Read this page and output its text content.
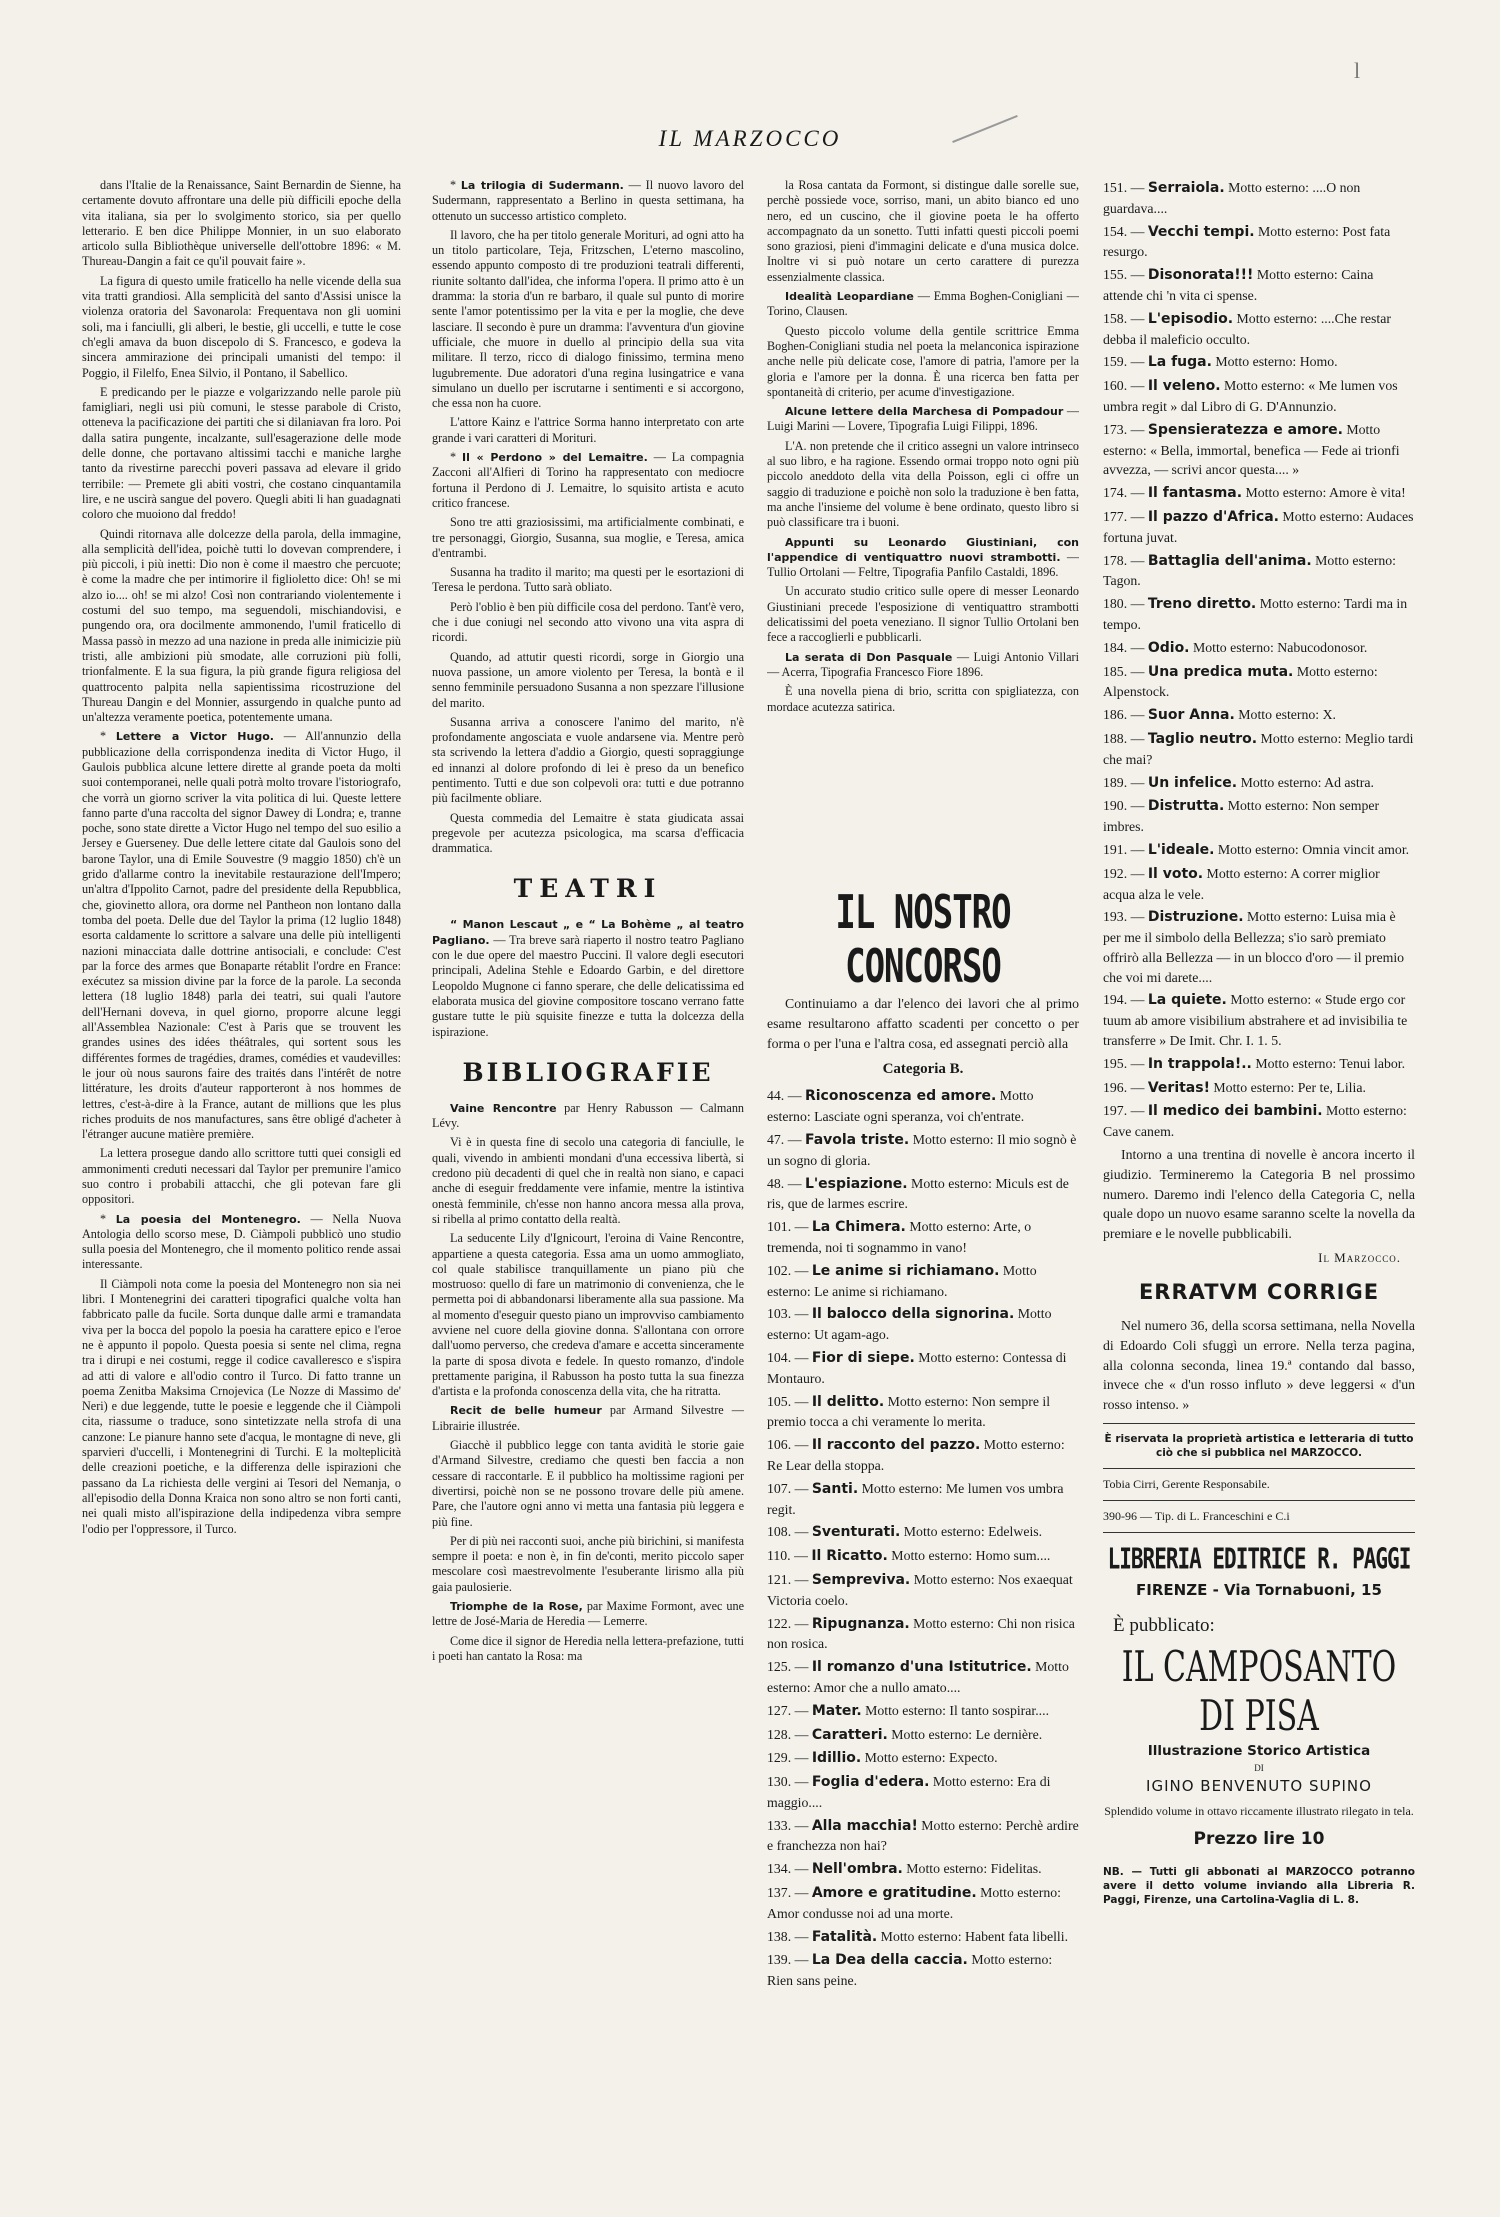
l
IL MARZOCCO

dans l'Italie de la Renaissance, Saint Bernardin de Sienne, ha certamente dovuto affrontare una delle più difficili epoche della vita italiana, sia per lo svolgimento storico, sia per quello letterario. E ben dice Philippe Monnier, in un suo elaborato articolo sulla Bibliothèque universelle dell'ottobre 1896: « M. Thureau-Dangin a fait ce qu'il pouvait faire ».

La figura di questo umile fraticello ha nelle vicende della sua vita tratti grandiosi. Alla semplicità del santo d'Assisi unisce la violenza oratoria del Savonarola: Frequentava non gli uomini soli, ma i fanciulli, gli alberi, le bestie, gli uccelli, e tutte le cose ch'egli amava da buon discepolo di S. Francesco, e godeva la sincera ammirazione dei principali umanisti del tempo: il Poggio, il Filelfo, Enea Silvio, il Pontano, il Sabellico.

E predicando per le piazze e volgarizzando nelle parole più famigliari, negli usi più comuni, le stesse parabole di Cristo, otteneva la pacificazione dei partiti che si dilaniavan fra loro. Poi dalla satira pungente, incalzante, sull'esagerazione delle mode delle donne, che portavano altissimi tacchi e maniche larghe tanto da rivestirne parecchi poveri passava ad elevare il grido terribile: — Premete gli abiti vostri, che costano cinquantamila lire, e ne uscirà sangue del povero. Quegli abiti li han guadagnati coloro che muoiono dal freddo!

Quindi ritornava alle dolcezze della parola, della immagine, alla semplicità dell'idea, poichè tutti lo dovevan comprendere, i più piccoli, i più inetti: Dio non è come il maestro che percuote; è come la madre che per intimorire il figlioletto dice: Oh! se mi alzo io.... oh! se mi alzo! Così non contrariando violentemente i costumi del suo tempo, ma seguendoli, mischiandovisi, e pungendo ora, ora docilmente ammonendo, l'umil fraticello di Massa passò in mezzo ad una nazione in preda alle inimicizie più tristi, alle ambizioni più smodate, alle corruzioni più folli, trionfalmente. E la sua figura, la più grande figura religiosa del quattrocento palpita nella sapientissima ricostruzione del Thureau Dangin e del Monnier, assurgendo in qualche punto ad un'altezza veramente poetica, potentemente umana.

* Lettere a Victor Hugo. — All'annunzio della pubblicazione della corrispondenza inedita di Victor Hugo, il Gaulois pubblica alcune lettere dirette al grande poeta da molti suoi contemporanei, nelle quali potrà molto trovare l'istoriografo, che vorrà un giorno scriver la vita politica di lui. Queste lettere fanno parte d'una raccolta del signor Dawey di Londra; e, tranne poche, sono state dirette a Victor Hugo nel tempo del suo esilio a Jersey e Guerseney. Due delle lettere citate dal Gaulois sono del barone Taylor, una di Emile Souvestre (9 maggio 1850) ch'è un grido d'allarme contro la inevitabile restaurazione dell'Impero; un'altra d'Ippolito Carnot, padre del presidente della Repubblica, che, giovinetto allora, ora dorme nel Pantheon non lontano dalla tomba del poeta. Delle due del Taylor la prima (12 luglio 1848) esorta caldamente lo scrittore a salvare una delle più intelligenti nazioni minacciata dalle dottrine antisociali, e conclude: C'est par la force des armes que Bonaparte rétablit l'ordre en France: exécutez sa mission divine par la force de la parole. La seconda lettera (18 luglio 1848) parla dei teatri, sui quali l'autore dell'Hernani doveva, in quel giorno, proporre alcune leggi all'Assemblea Nazionale: C'est à Paris que se trouvent les grandes usines des idées théâtrales, qui sortent sous les différentes formes de tragédies, drames, comédies et vaudevilles: le jour où nous saurons faire des traités dans l'intérêt de notre littérature, les droits d'auteur rapporteront à nos hommes de lettres, c'est-à-dire à la France, autant de millions que les plus riches produits de nos manufactures, sans être obligé d'acheter à l'étranger aucune matière première.

La lettera prosegue dando allo scrittore tutti quei consigli ed ammonimenti creduti necessari dal Taylor per premunire l'amico suo contro i probabili attacchi, che gli potevan fare gli oppositori.

* La poesia del Montenegro. — Nella Nuova Antologia dello scorso mese, D. Ciàmpoli pubblicò uno studio sulla poesia del Montenegro, che il momento politico rende assai interessante.

Il Ciàmpoli nota come la poesia del Montenegro non sia nei libri. I Montenegrini dei caratteri tipografici qualche volta han fabbricato palle da fucile. Sorta dunque dalle armi e tramandata viva per la bocca del popolo la poesia ha carattere epico e l'eroe ne è appunto il popolo. Questa poesia si sente nel clima, regna tra i dirupi e nei costumi, regge il codice cavalleresco e s'ispira ad atti di valore e all'odio contro il Turco. Di fatto tranne un poema Zenitba Maksima Crnojevica (Le Nozze di Massimo de' Neri) e due leggende, tutte le poesie e leggende che il Ciàmpoli cita, riassume o traduce, sono sintetizzate nella strofa di una canzone: Le pianure hanno sete d'acqua, le montagne di neve, gli sparvieri d'uccelli, i Montenegrini di Turchi. E la molteplicità delle creazioni poetiche, e la differenza delle ispirazioni che passano da La richiesta delle vergini ai Tesori del Nemanja, o all'episodio della Donna Kraica non sono altro se non forti canti, nei quali misto all'ispirazione della indipedenza vibra sempre l'odio per l'oppressore, il Turco.

* La trilogia di Sudermann. — Il nuovo lavoro del Sudermann, rappresentato a Berlino in questa settimana, ha ottenuto un successo artistico completo.

Il lavoro, che ha per titolo generale Morituri, ad ogni atto ha un titolo particolare, Teja, Fritzschen, L'eterno mascolino, essendo appunto composto di tre produzioni teatrali differenti, riunite soltanto dall'idea, che informa l'opera. Il primo atto è un dramma: la storia d'un re barbaro, il quale sul punto di morire sente l'amor potentissimo per la vita e per la moglie, che deve lasciare. Il secondo è pure un dramma: l'avventura d'un giovine ufficiale, che muore in duello al principio della sua vita militare. Il terzo, ricco di dialogo finissimo, termina meno lugubremente. Due adoratori d'una regina lusingatrice e vana simulano un duello per iscrutarne i sentimenti e si accorgono, che essa non ha cuore.

L'attore Kainz e l'attrice Sorma hanno interpretato con arte grande i vari caratteri di Morituri.

* Il « Perdono » del Lemaitre. — La compagnia Zacconi all'Alfieri di Torino ha rappresentato con mediocre fortuna il Perdono di J. Lemaitre, lo squisito artista e acuto critico francese.

Sono tre atti graziosissimi, ma artificialmente combinati, e tre personaggi, Giorgio, Susanna, sua moglie, e Teresa, amica d'entrambi.

Susanna ha tradito il marito; ma questi per le esortazioni di Teresa le perdona. Tutto sarà obliato.

Però l'oblio è ben più difficile cosa del perdono. Tant'è vero, che i due coniugi nel secondo atto vivono una vita aspra di ricordi.

Quando, ad attutir questi ricordi, sorge in Giorgio una nuova passione, un amore violento per Teresa, la bontà e il senno femminile persuadono Susanna a non spezzare l'illusione del marito.

Susanna arriva a conoscere l'animo del marito, n'è profondamente angosciata e vuole andarsene via. Mentre però sta scrivendo la lettera d'addio a Giorgio, questi sopraggiunge ed innanzi al dolore profondo di lei è preso da un benefico pentimento. Tutti e due son colpevoli ora: tutti e due potranno più facilmente obliare.

Questa commedia del Lemaitre è stata giudicata assai pregevole per acutezza psicologica, ma scarsa d'efficacia drammatica.

TEATRI

“ Manon Lescaut „ e “ La Bohème „ al teatro Pagliano. — Tra breve sarà riaperto il nostro teatro Pagliano con le due opere del maestro Puccini. Il valore degli esecutori principali, Adelina Stehle e Edoardo Garbin, e del direttore Leopoldo Mugnone ci fanno sperare, che delle delicatissima ed elaborata musica del giovine compositore toscano verrano fatte gustare tutte le più squisite finezze e tutta la dolcezza della ispirazione.

BIBLIOGRAFIE

Vaine Rencontre par Henry Rabusson — Calmann Lévy.

Vi è in questa fine di secolo una categoria di fanciulle, le quali, vivendo in ambienti mondani d'una eccessiva libertà, si credono più decadenti di quel che in realtà non siano, e capaci anche di eseguir freddamente vere infamie, mentre la istintiva onestà femminile, ch'esse non hanno ancora messa alla prova, si ribella al primo contatto della realtà.

La seducente Lily d'Ignicourt, l'eroina di Vaine Rencontre, appartiene a questa categoria. Essa ama un uomo ammogliato, col quale stabilisce tranquillamente un piano più che mostruoso: quello di fare un matrimonio di convenienza, che le permetta poi di abbandonarsi liberamente alla sua passione. Ma al momento d'eseguir questo piano un improvviso cambiamento avviene nel cuore della giovine donna. S'allontana con orrore dall'uomo perverso, che credeva d'amare e accetta sinceramente la parte di sposa divota e fedele. In questo romanzo, d'indole prettamente parigina, il Rabusson ha posto tutta la sua finezza d'artista e la profonda conoscenza della vita, che ha ritratta.

Recit de belle humeur par Armand Silvestre — Librairie illustrée.

Giacchè il pubblico legge con tanta avidità le storie gaie d'Armand Silvestre, crediamo che questi ben faccia a non cessare di raccontarle. E il pubblico ha moltissime ragioni per divertirsi, poichè non se ne possono trovare delle più amene. Pare, che l'autore ogni anno vi metta una fantasia più leggera e più fine.

Per di più nei racconti suoi, anche più birichini, si manifesta sempre il poeta: e non è, in fin de'conti, merito piccolo saper mescolare così maestrevolmente l'esuberante lirismo alla più gaia paulosierie.

Triomphe de la Rose, par Maxime Formont, avec une lettre de José-Maria de Heredia — Lemerre.

Come dice il signor de Heredia nella lettera-prefazione, tutti i poeti han cantato la Rosa: ma

la Rosa cantata da Formont, si distingue dalle sorelle sue, perchè possiede voce, sorriso, mani, un abito bianco ed uno nero, ed un cuscino, che il giovine poeta le ha offerto accompagnato da un sonetto. Tutti infatti questi piccoli poemi sono graziosi, pieni d'immagini delicate e d'una musica dolce. Inoltre vi si può notare un certo carattere di purezza essenzialmente classica.

Idealità Leopardiane — Emma Boghen-Conigliani — Torino, Clausen.

Questo piccolo volume della gentile scrittrice Emma Boghen-Conigliani studia nel poeta la melanconica ispirazione anche nelle più delicate cose, l'amore di patria, l'amore per la gloria e l'amore per la donna. È una ricerca ben fatta per spontaneità di criterio, per acume d'investigazione.

Alcune lettere della Marchesa di Pompadour — Luigi Marini — Lovere, Tipografia Luigi Filippi, 1896.

L'A. non pretende che il critico assegni un valore intrinseco al suo libro, e ha ragione. Essendo ormai troppo noto ogni più piccolo aneddoto della vita della Poisson, egli ci offre un saggio di traduzione e poichè non solo la traduzione è ben fatta, ma anche l'insieme del volume è bene ordinato, questo libro si può classificare tra i buoni.

Appunti su Leonardo Giustiniani, con l'appendice di ventiquattro nuovi strambotti. — Tullio Ortolani — Feltre, Tipografia Panfilo Castaldi, 1896.

Un accurato studio critico sulle opere di messer Leonardo Giustiniani precede l'esposizione di ventiquattro strambotti delicatissimi del poeta veneziano. Il signor Tullio Ortolani ben fece a raccoglierli e pubblicarli.

La serata di Don Pasquale — Luigi Antonio Villari — Acerra, Tipografia Francesco Fiore 1896.

È una novella piena di brio, scritta con spigliatezza, con mordace acutezza satirica.

IL NOSTRO CONCORSO

Continuiamo a dar l'elenco dei lavori che al primo esame resultarono affatto scadenti per concetto o per forma o per l'una e l'altra cosa, ed assegnati perciò alla

Categoria B.

44. — Riconoscenza ed amore. Motto esterno: Lasciate ogni speranza, voi ch'entrate.

47. — Favola triste. Motto esterno: Il mio sognò è un sogno di gloria.

48. — L'espiazione. Motto esterno: Miculs est de ris, que de larmes escrire.

101. — La Chimera. Motto esterno: Arte, o tremenda, noi ti sognammo in vano!

102. — Le anime si richiamano. Motto esterno: Le anime si richiamano.

103. — Il balocco della signorina. Motto esterno: Ut agam-ago.

104. — Fior di siepe. Motto esterno: Contessa di Montauro.

105. — Il delitto. Motto esterno: Non sempre il premio tocca a chi veramente lo merita.

106. — Il racconto del pazzo. Motto esterno: Re Lear della stoppa.

107. — Santi. Motto esterno: Me lumen vos umbra regit.

108. — Sventurati. Motto esterno: Edelweis.

110. — Il Ricatto. Motto esterno: Homo sum....

121. — Sempreviva. Motto esterno: Nos exaequat Victoria coelo.

122. — Ripugnanza. Motto esterno: Chi non risica non rosica.

125. — Il romanzo d'una Istitutrice. Motto esterno: Amor che a nullo amato....

127. — Mater. Motto esterno: Il tanto sospirar....

128. — Caratteri. Motto esterno: Le dernière.

129. — Idillio. Motto esterno: Expecto.

130. — Foglia d'edera. Motto esterno: Era di maggio....

133. — Alla macchia! Motto esterno: Perchè ardire e franchezza non hai?

134. — Nell'ombra. Motto esterno: Fidelitas.

137. — Amore e gratitudine. Motto esterno: Amor condusse noi ad una morte.

138. — Fatalità. Motto esterno: Habent fata libelli.

139. — La Dea della caccia. Motto esterno: Rien sans peine.

151. — Serraiola. Motto esterno: ....O non guardava....

154. — Vecchi tempi. Motto esterno: Post fata resurgo.

155. — Disonorata!!! Motto esterno: Caina attende chi 'n vita ci spense.

158. — L'episodio. Motto esterno: ....Che restar debba il maleficio occulto.

159. — La fuga. Motto esterno: Homo.

160. — Il veleno. Motto esterno: « Me lumen vos umbra regit » dal Libro di G. D'Annunzio.

173. — Spensieratezza e amore. Motto esterno: « Bella, immortal, benefica — Fede ai trionfi avvezza, — scrivi ancor questa.... »

174. — Il fantasma. Motto esterno: Amore è vita!

177. — Il pazzo d'Africa. Motto esterno: Audaces fortuna juvat.

178. — Battaglia dell'anima. Motto esterno: Tagon.

180. — Treno diretto. Motto esterno: Tardi ma in tempo.

184. — Odio. Motto esterno: Nabucodonosor.

185. — Una predica muta. Motto esterno: Alpenstock.

186. — Suor Anna. Motto esterno: X.

188. — Taglio neutro. Motto esterno: Meglio tardi che mai?

189. — Un infelice. Motto esterno: Ad astra.

190. — Distrutta. Motto esterno: Non semper imbres.

191. — L'ideale. Motto esterno: Omnia vincit amor.

192. — Il voto. Motto esterno: A correr miglior acqua alza le vele.

193. — Distruzione. Motto esterno: Luisa mia è per me il simbolo della Bellezza; s'io sarò premiato offrirò alla Bellezza — in un blocco d'oro — il premio che voi mi darete....

194. — La quiete. Motto esterno: « Stude ergo cor tuum ab amore visibilium abstrahere et ad invisibilia te transferre » De Imit. Chr. I. 1. 5.

195. — In trappola!.. Motto esterno: Tenui labor.

196. — Veritas! Motto esterno: Per te, Lilia.

197. — Il medico dei bambini. Motto esterno: Cave canem.

Intorno a una trentina di novelle è ancora incerto il giudizio. Termineremo la Categoria B nel prossimo numero. Daremo indi l'elenco della Categoria C, nella quale dopo un nuovo esame saranno scelte la novella da premiare e le novelle pubblicabili.

Il Marzocco.
ERRATVM CORRIGE

Nel numero 36, della scorsa settimana, nella Novella di Edoardo Coli sfuggì un errore. Nella terza pagina, alla colonna seconda, linea 19.ª contando dal basso, invece che « d'un rosso influto » deve leggersi « d'un rosso intenso. »

È riservata la proprietà artistica e letteraria di tutto ciò che si pubblica nel MARZOCCO.
Tobia Cirri, Gerente Responsabile.
390-96 — Tip. di L. Franceschini e C.i
LIBRERIA EDITRICE R. PAGGI
FIRENZE - Via Tornabuoni, 15
È pubblicato:
IL CAMPOSANTO DI PISA
Illustrazione Storico Artistica
DI
IGINO BENVENUTO SUPINO
Splendido volume in ottavo riccamente illustrato rilegato in tela.
Prezzo lire 10
NB. — Tutti gli abbonati al MARZOCCO potranno avere il detto volume inviando alla Libreria R. Paggi, Firenze, una Cartolina-Vaglia di L. 8.
